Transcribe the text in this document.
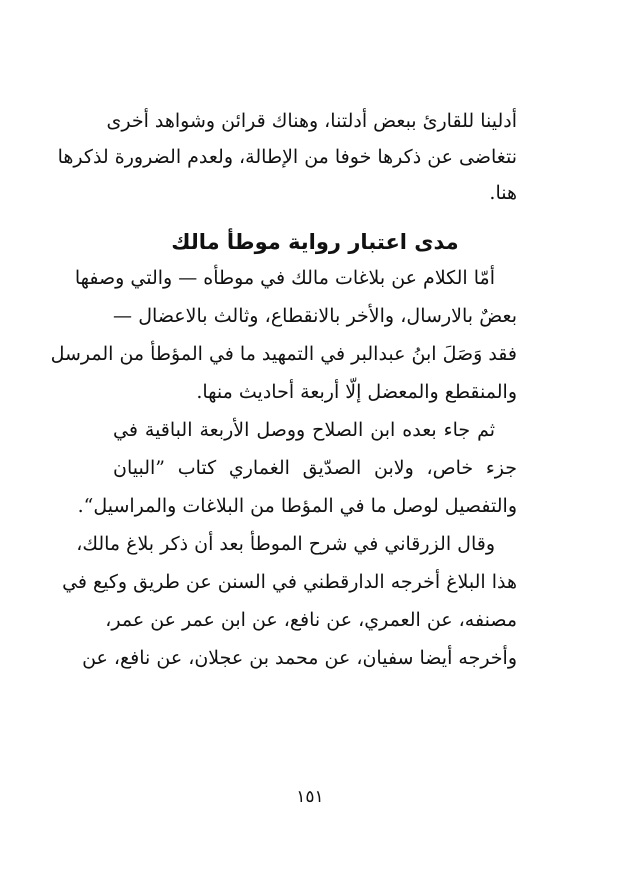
أدلينا للقارئ ببعض أدلتنا، وهناك قرائن وشواهد أخرى
نتغاضى عن ذكرها خوفا من الإطالة، ولعدم الضرورة لذكرها
هنا.
مدى اعتبار رواية موطأ مالك
أمّا الكلام عن بلاغات مالك في موطأه — والتي وصفها
بعضٌ بالارسال، والأخر بالانقطاع، وثالث بالاعضال —
فقد وَصَلَ ابنُ عبدالبر في التمهيد ما في المؤطأ من المرسل
والمنقطع والمعضل إلّا أربعة أحاديث منها.
ثم جاء بعده ابن الصلاح ووصل الأربعة الباقية في
جزء خاص، ولابن الصدّيق الغماري كتاب ”البيان
والتفصيل لوصل ما في المؤطا من البلاغات والمراسيل“.
وقال الزرقاني في شرح الموطأ بعد أن ذكر بلاغ مالك،
هذا البلاغ أخرجه الدارقطني في السنن عن طريق وكيع في
مصنفه، عن العمري، عن نافع، عن ابن عمر عن عمر،
وأخرجه أيضا سفيان، عن محمد بن عجلان، عن نافع، عن
١٥١
